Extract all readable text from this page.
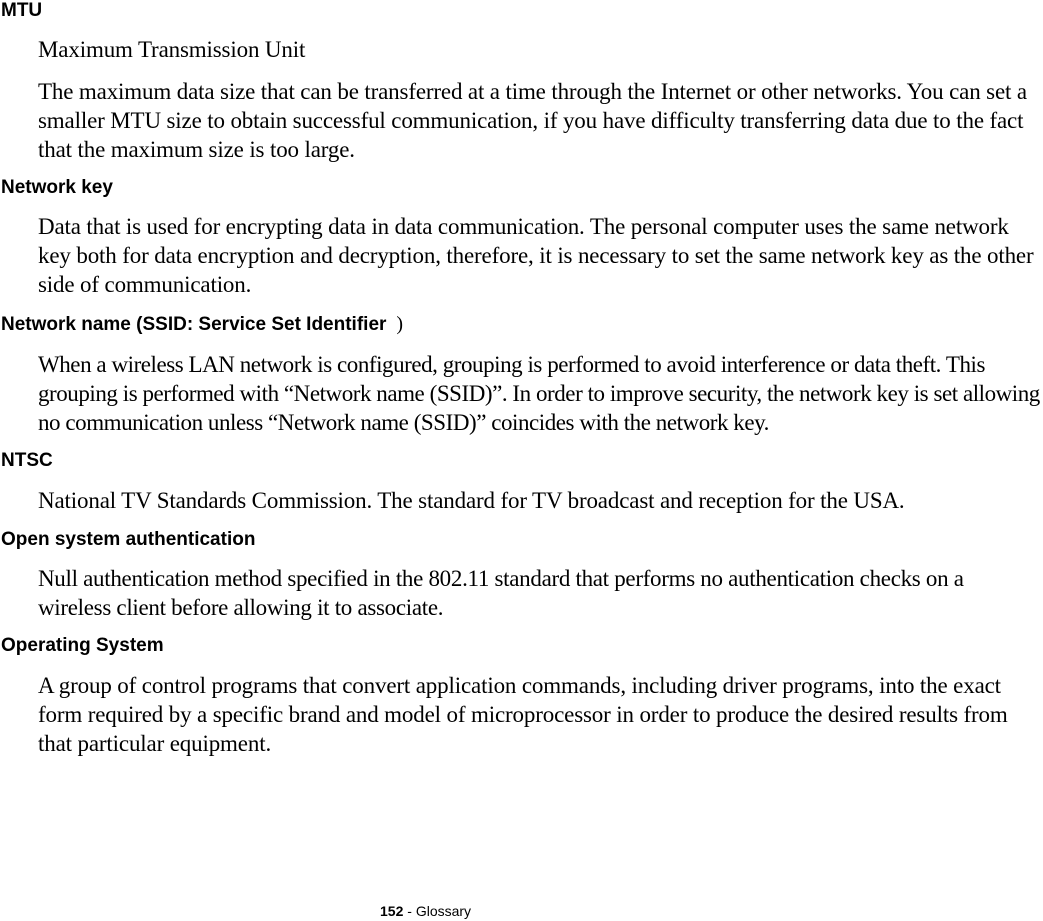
MTU

Maximum Transmission Unit

The maximum data size that can be transferred at a time through the Internet or other networks. You can set a smaller MTU size to obtain successful communication, if you have difficulty transferring data due to the fact that the maximum size is too large.

Network key

Data that is used for encrypting data in data communication. The personal computer uses the same network key both for data encryption and decryption, therefore, it is necessary to set the same network key as the other side of communication.

Network name (SSID: Service Set Identifier )

When a wireless LAN network is configured, grouping is performed to avoid interference or data theft. This grouping is performed with “Network name (SSID)”. In order to improve security, the network key is set allowing no communication unless “Network name (SSID)” coincides with the network key.

NTSC

National TV Standards Commission. The standard for TV broadcast and reception for the USA.

Open system authentication

Null authentication method specified in the 802.11 standard that performs no authentication checks on a wireless client before allowing it to associate.

Operating System

A group of control programs that convert application commands, including driver programs, into the exact form required by a specific brand and model of microprocessor in order to produce the desired results from that particular equipment.

152 - Glossary
